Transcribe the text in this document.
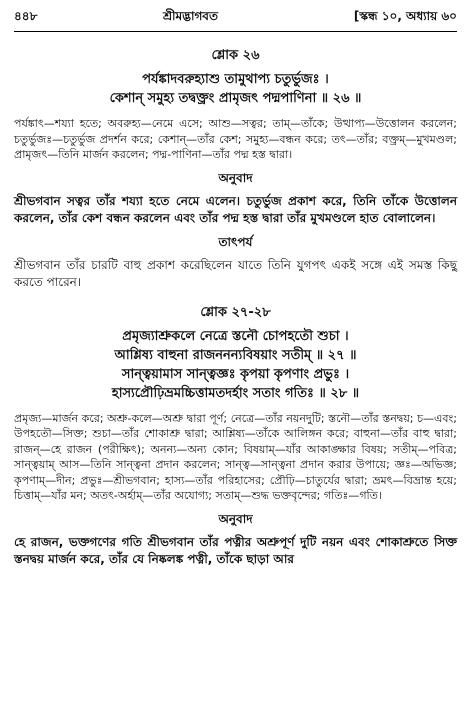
৪৪৮	শ্রীমদ্ভাগবত	[স্কন্ধ ১০, অধ্যায় ৬০
শ্লোক ২৬
পর্যঙ্কাদবরুহ্যাশু তামুথাপ্য চতুর্ভুজঃ ।
কেশান্ সমুহ্য তদ্বক্ত্রং প্রামৃজৎ পদ্মপাণিনা ॥ ২৬ ॥
পর্যঙ্কাৎ—শয্যা হতে; অবরুহ্য—নেমে এসে; আশু—সত্বর; তাম্—তাঁকে; উত্থাপ্য—উত্তোলন করলেন; চতুর্ভুজঃ—চতুর্ভুজ প্রদর্শন করে; কেশান্—তাঁর কেশ; সমুহ্য—বন্ধন করে; তৎ—তাঁর; বক্ত্রম্—মুখমণ্ডল; প্রামৃজৎ—তিনি মার্জন করলেন; পদ্ম-পাণিনা—তাঁর পদ্ম হস্ত দ্বারা।
অনুবাদ
শ্রীভগবান সত্বর তাঁর শয্যা হতে নেমে এলেন। চতুর্ভুজ প্রকাশ করে, তিনি তাঁকে উত্তোলন করলেন, তাঁর কেশ বন্ধন করলেন এবং তাঁর পদ্ম হস্ত দ্বারা তাঁর মুখমণ্ডলে হাত বোলালেন।
তাৎপর্য
শ্রীভগবান তাঁর চারটি বাহু প্রকাশ করেছিলেন যাতে তিনি যুগপৎ একই সঙ্গে এই সমস্ত কিছু করতে পারেন।
শ্লোক ২৭-২৮
প্রমৃজ্যাশ্রুকলে নেত্রে স্তনৌ চোপহতৌ শুচা ।
আশ্লিষ্য বাহুনা রাজননন্যবিষয়াং সতীম্ ॥ ২৭ ॥
সান্ত্বয়ামাস সান্ত্বজ্ঞঃ কৃপয়া কৃপণাং প্রভুঃ ।
হাস্যপ্রৌঢ়িভ্রমচ্চিত্তামতদর্হাং সতাং গতিঃ ॥ ২৮ ॥
প্রমৃজ্য—মার্জন করে; অশ্রু-কলে—অশ্রু দ্বারা পূর্ণ; নেত্রে—তাঁর নয়নদুটি; স্তনৌ—তাঁর স্তনদ্বয়; চ—এবং; উপহতৌ—সিক্ত; শুচা—তাঁর শোকাশ্রু দ্বারা; আশ্লিষ্য—তাঁকে আলিঙ্গন করে; বাহুনা—তাঁর বাহু দ্বারা; রাজন্—হে রাজন (পরীক্ষিৎ); অনন্য—অন্য কোন; বিষয়াম্—যাঁর আকাঙ্ক্ষার বিষয়; সতীম্—পবিত্র; সান্ত্বয়াম্ আস—তিনি সান্ত্বনা প্রদান করলেন; সান্ত্ব—সান্ত্বনা প্রদান করার উপায়ে; জ্ঞঃ—অভিজ্ঞ; কৃপণাম্—দীন; প্রভুঃ—শ্রীভগবান; হাস্য—তাঁর পরিহাসের; প্রৌঢ়ি—চাতুর্যের দ্বারা; ভ্রমৎ—বিভ্রান্ত হয়ে; চিত্তাম্—যাঁর মন; অতৎ-অর্হাম্—তাঁর অযোগ্য; সতাম্—শুদ্ধ ভক্তবৃন্দের; গতিঃ—গতি।
অনুবাদ
হে রাজন, ভক্তগণের গতি শ্রীভগবান তাঁর পত্নীর অশ্রুপূর্ণ দুটি নয়ন এবং শোকাশ্রুতে সিক্ত স্তনদ্বয় মার্জন করে, তাঁর যে নিষ্কলঙ্ক পত্নী, তাঁকে ছাড়া আর
